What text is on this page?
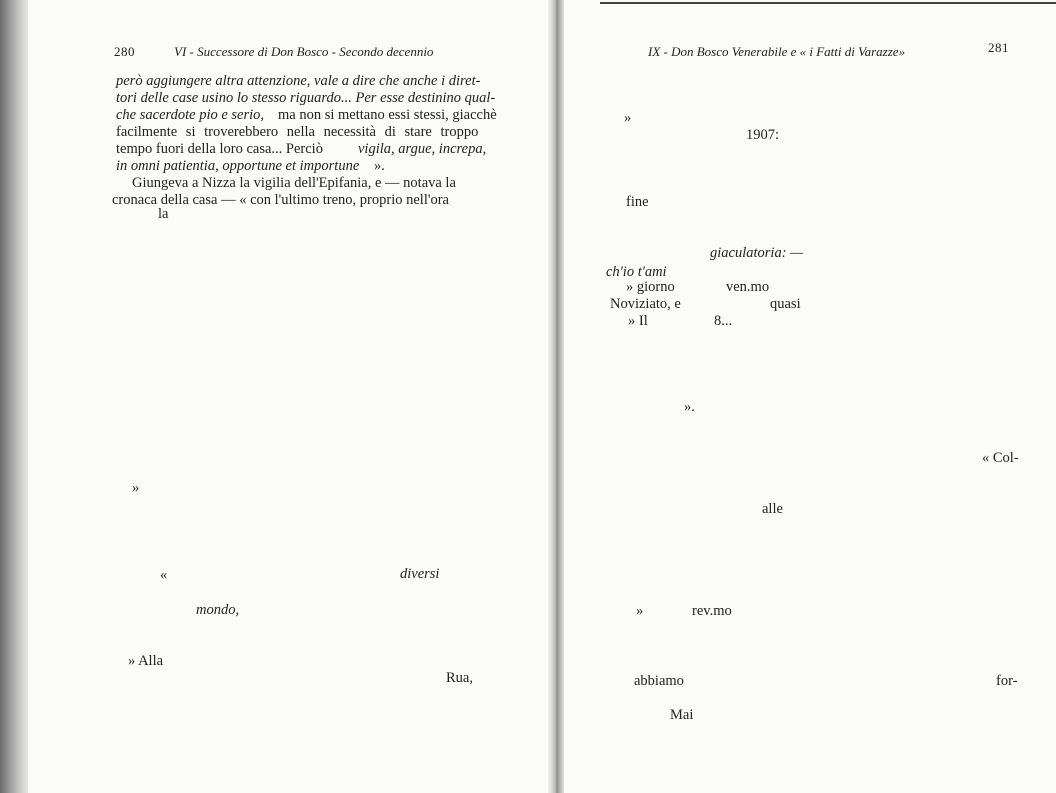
280	VI - Successore di Don Bosco - Secondo decennio
però aggiungere altra attenzione, vale a dire che anche i diret-
tori delle case usino lo stesso riguardo... Per esse destinino qual-
che sacerdote pio e serio, ma non si mettano essi stessi, giacchè
facilmente si troverebbero nella necessità di stare troppo
tempo fuori della loro casa... Perciò vigila, argue, increpa,
in omni patientia, opportune et importune ».
Giungeva a Nizza la vigilia dell'Epifania, e — notava la
cronaca della casa — « con l'ultimo treno, proprio nell'ora
la
»
«	diversi
mondo,
» Alla
Rua,
IX - Don Bosco Venerabile e « i Fatti di Varazze»	281
»
1907:
fine
giaculatoria: —
ch'io t'ami
» giorno	ven.mo
Noviziato, e	quasi
» Il	8...
».
« Col-
alle
»	rev.mo
abbiamo	for-
Mai
